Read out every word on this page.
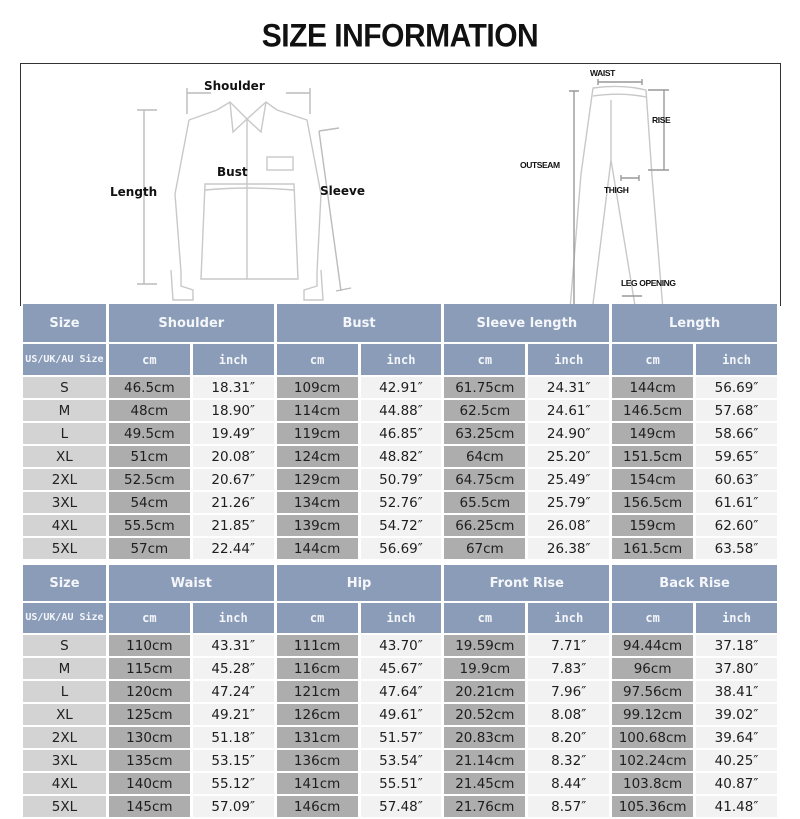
SIZE INFORMATION
Shoulder
Bust
Length	Sleeve
WAIST
RISE
OUTSEAM
THIGH
LEG OPENING
Size	Shoulder		Bust		Sleeve length		Length	
US/UK/AU Size	cm	inch	cm	inch	cm	inch	cm	inch
S	46.5cm	18.31″	109cm	42.91″	61.75cm	24.31″	144cm	56.69″
M	48cm	18.90″	114cm	44.88″	62.5cm	24.61″	146.5cm	57.68″
L	49.5cm	19.49″	119cm	46.85″	63.25cm	24.90″	149cm	58.66″
XL	51cm	20.08″	124cm	48.82″	64cm	25.20″	151.5cm	59.65″
2XL	52.5cm	20.67″	129cm	50.79″	64.75cm	25.49″	154cm	60.63″
3XL	54cm	21.26″	134cm	52.76″	65.5cm	25.79″	156.5cm	61.61″
4XL	55.5cm	21.85″	139cm	54.72″	66.25cm	26.08″	159cm	62.60″
5XL	57cm	22.44″	144cm	56.69″	67cm	26.38″	161.5cm	63.58″
Size	Waist		Hip		Front Rise		Back Rise	
US/UK/AU Size	cm	inch	cm	inch	cm	inch	cm	inch
S	110cm	43.31″	111cm	43.70″	19.59cm	7.71″	94.44cm	37.18″
M	115cm	45.28″	116cm	45.67″	19.9cm	7.83″	96cm	37.80″
L	120cm	47.24″	121cm	47.64″	20.21cm	7.96″	97.56cm	38.41″
XL	125cm	49.21″	126cm	49.61″	20.52cm	8.08″	99.12cm	39.02″
2XL	130cm	51.18″	131cm	51.57″	20.83cm	8.20″	100.68cm	39.64″
3XL	135cm	53.15″	136cm	53.54″	21.14cm	8.32″	102.24cm	40.25″
4XL	140cm	55.12″	141cm	55.51″	21.45cm	8.44″	103.8cm	40.87″
5XL	145cm	57.09″	146cm	57.48″	21.76cm	8.57″	105.36cm	41.48″
